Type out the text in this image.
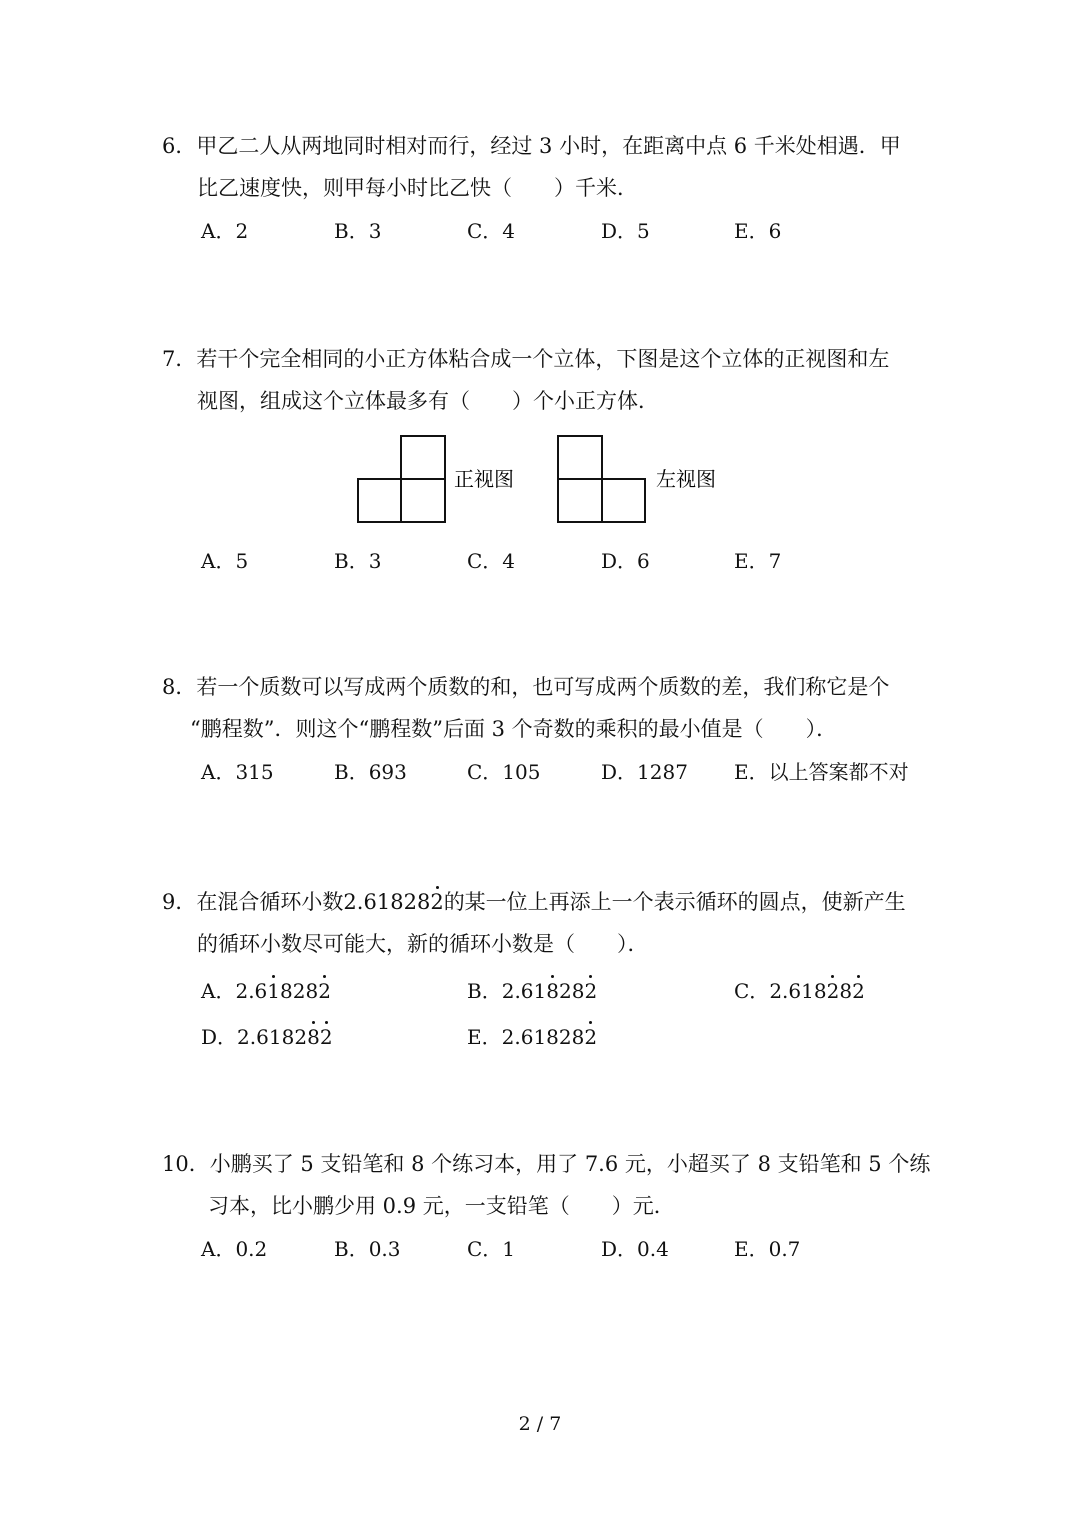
6．甲乙二人从两地同时相对而行，经过 3 小时，在距离中点 6 千米处相遇．甲
比乙速度快，则甲每小时比乙快（　　）千米．
A．2	B．3	C．4	D．5	E．6
7．若干个完全相同的小正方体粘合成一个立体，下图是这个立体的正视图和左
视图，组成这个立体最多有（　　）个小正方体．
正视图	左视图
A．5	B．3	C．4	D．6	E．7
8．若一个质数可以写成两个质数的和，也可写成两个质数的差，我们称它是个
“鹏程数”．则这个“鹏程数”后面 3 个奇数的乘积的最小值是（　　）．
A．315	B．693	C．105	D．1287 E．以上答案都不对
9．在混合循环小数2.618282的某一位上再添上一个表示循环的圆点，使新产生
的循环小数尽可能大，新的循环小数是（　　）．
A．2.618282	B．2.618282	C．2.618282
D．2.618282	E．2.618282
10．小鹏买了 5 支铅笔和 8 个练习本，用了 7.6 元，小超买了 8 支铅笔和 5 个练
习本，比小鹏少用 0.9 元，一支铅笔（　　）元．
A．0.2	B．0.3	C．1	D．0.4	E．0.7
2 / 7
